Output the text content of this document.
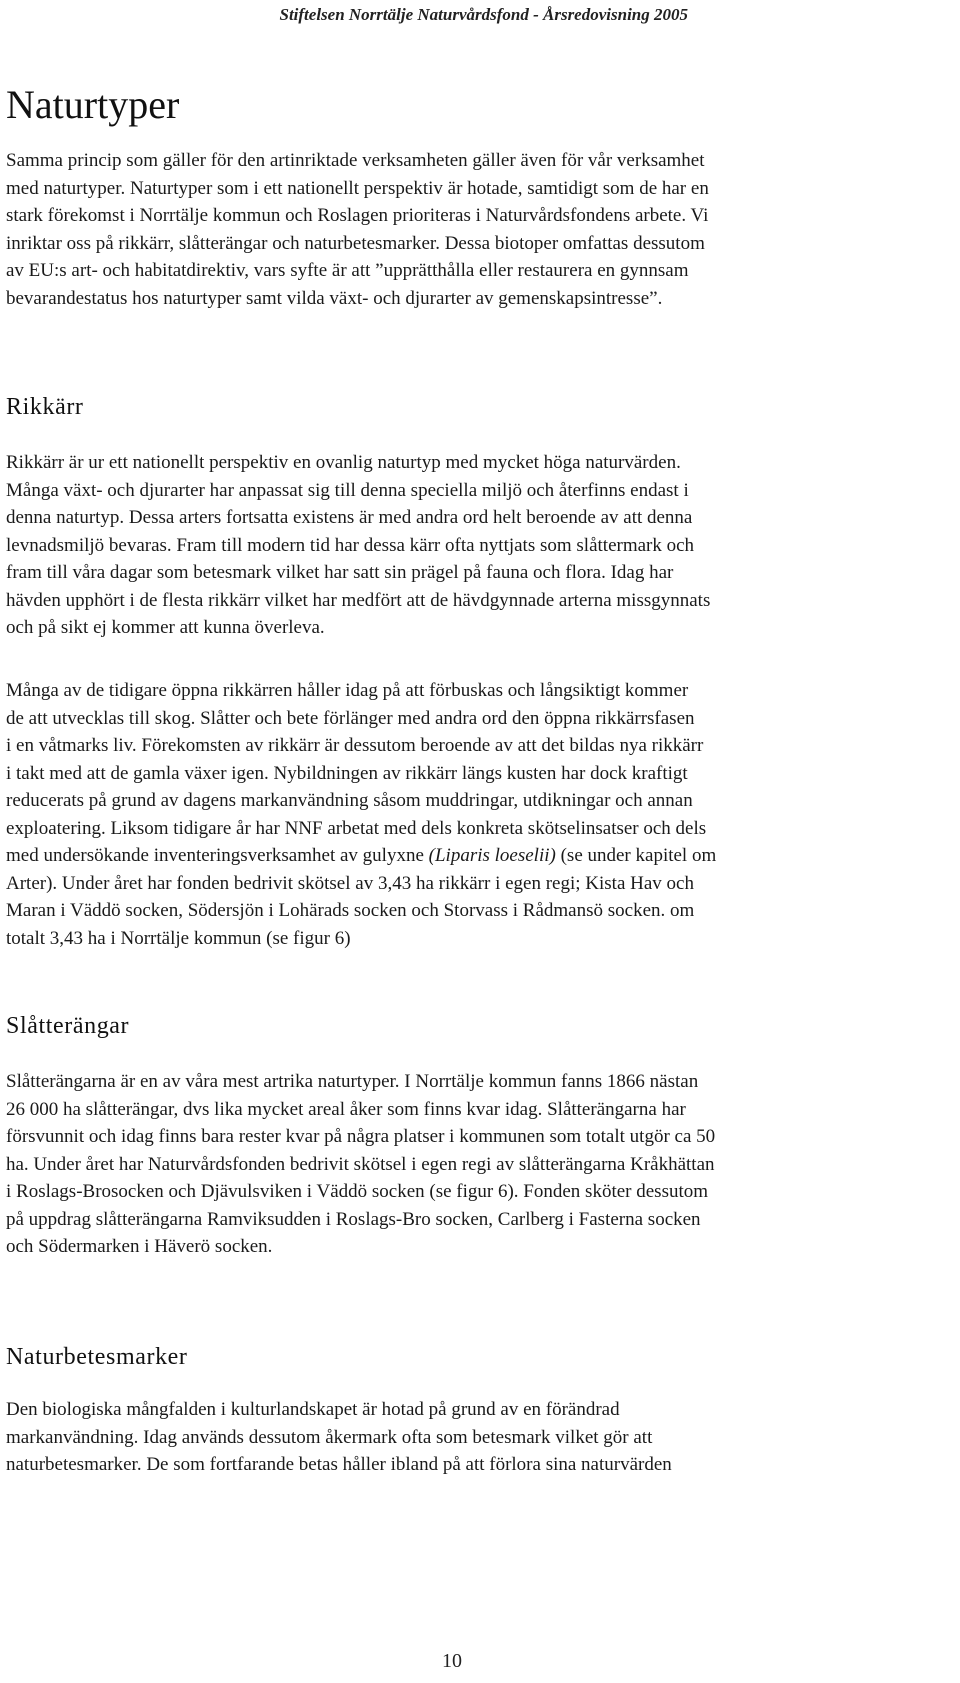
Stiftelsen Norrtälje Naturvårdsfond - Årsredovisning 2005
Naturtyper

Samma princip som gäller för den artinriktade verksamheten gäller även för vår verksamhet
med naturtyper. Naturtyper som i ett nationellt perspektiv är hotade, samtidigt som de har en
stark förekomst i Norrtälje kommun och Roslagen prioriteras i Naturvårdsfondens arbete. Vi
inriktar oss på rikkärr, slåtterängar och naturbetesmarker. Dessa biotoper omfattas dessutom
av EU:s art- och habitatdirektiv, vars syfte är att ”upprätthålla eller restaurera en gynnsam
bevarandestatus hos naturtyper samt vilda växt- och djurarter av gemenskapsintresse”.

Rikkärr

Rikkärr är ur ett nationellt perspektiv en ovanlig naturtyp med mycket höga naturvärden.
Många växt- och djurarter har anpassat sig till denna speciella miljö och återfinns endast i
denna naturtyp. Dessa arters fortsatta existens är med andra ord helt beroende av att denna
levnadsmiljö bevaras. Fram till modern tid har dessa kärr ofta nyttjats som slåttermark och
fram till våra dagar som betesmark vilket har satt sin prägel på fauna och flora. Idag har
hävden upphört i de flesta rikkärr vilket har medfört att de hävdgynnade arterna missgynnats
och på sikt ej kommer att kunna överleva.

Många av de tidigare öppna rikkärren håller idag på att förbuskas och långsiktigt kommer
de att utvecklas till skog. Slåtter och bete förlänger med andra ord den öppna rikkärrsfasen
i en våtmarks liv. Förekomsten av rikkärr är dessutom beroende av att det bildas nya rikkärr
i takt med att de gamla växer igen. Nybildningen av rikkärr längs kusten har dock kraftigt
reducerats på grund av dagens markanvändning såsom muddringar, utdikningar och annan
exploatering. Liksom tidigare år har NNF arbetat med dels konkreta skötselinsatser och dels
med undersökande inventeringsverksamhet av gulyxne (Liparis loeselii) (se under kapitel om
Arter). Under året har fonden bedrivit skötsel av 3,43 ha rikkärr i egen regi; Kista Hav och
Maran i Väddö socken, Södersjön i Lohärads socken och Storvass i Rådmansö socken. om
totalt 3,43 ha i Norrtälje kommun (se figur 6)

Slåtterängar

Slåtterängarna är en av våra mest artrika naturtyper. I Norrtälje kommun fanns 1866 nästan
26 000 ha slåtterängar, dvs lika mycket areal åker som finns kvar idag. Slåtterängarna har
försvunnit och idag finns bara rester kvar på några platser i kommunen som totalt utgör ca 50
ha. Under året har Naturvårdsfonden bedrivit skötsel i egen regi av slåtterängarna Kråkhättan
i Roslags-Brosocken och Djävulsviken i Väddö socken (se figur 6). Fonden sköter dessutom
på uppdrag slåtterängarna Ramviksudden i Roslags-Bro socken, Carlberg i Fasterna socken
och Södermarken i Häverö socken.

Naturbetesmarker

Den biologiska mångfalden i kulturlandskapet är hotad på grund av en förändrad
markanvändning. Idag används dessutom åkermark ofta som betesmark vilket gör att
naturbetesmarker. De som fortfarande betas håller ibland på att förlora sina naturvärden

10
